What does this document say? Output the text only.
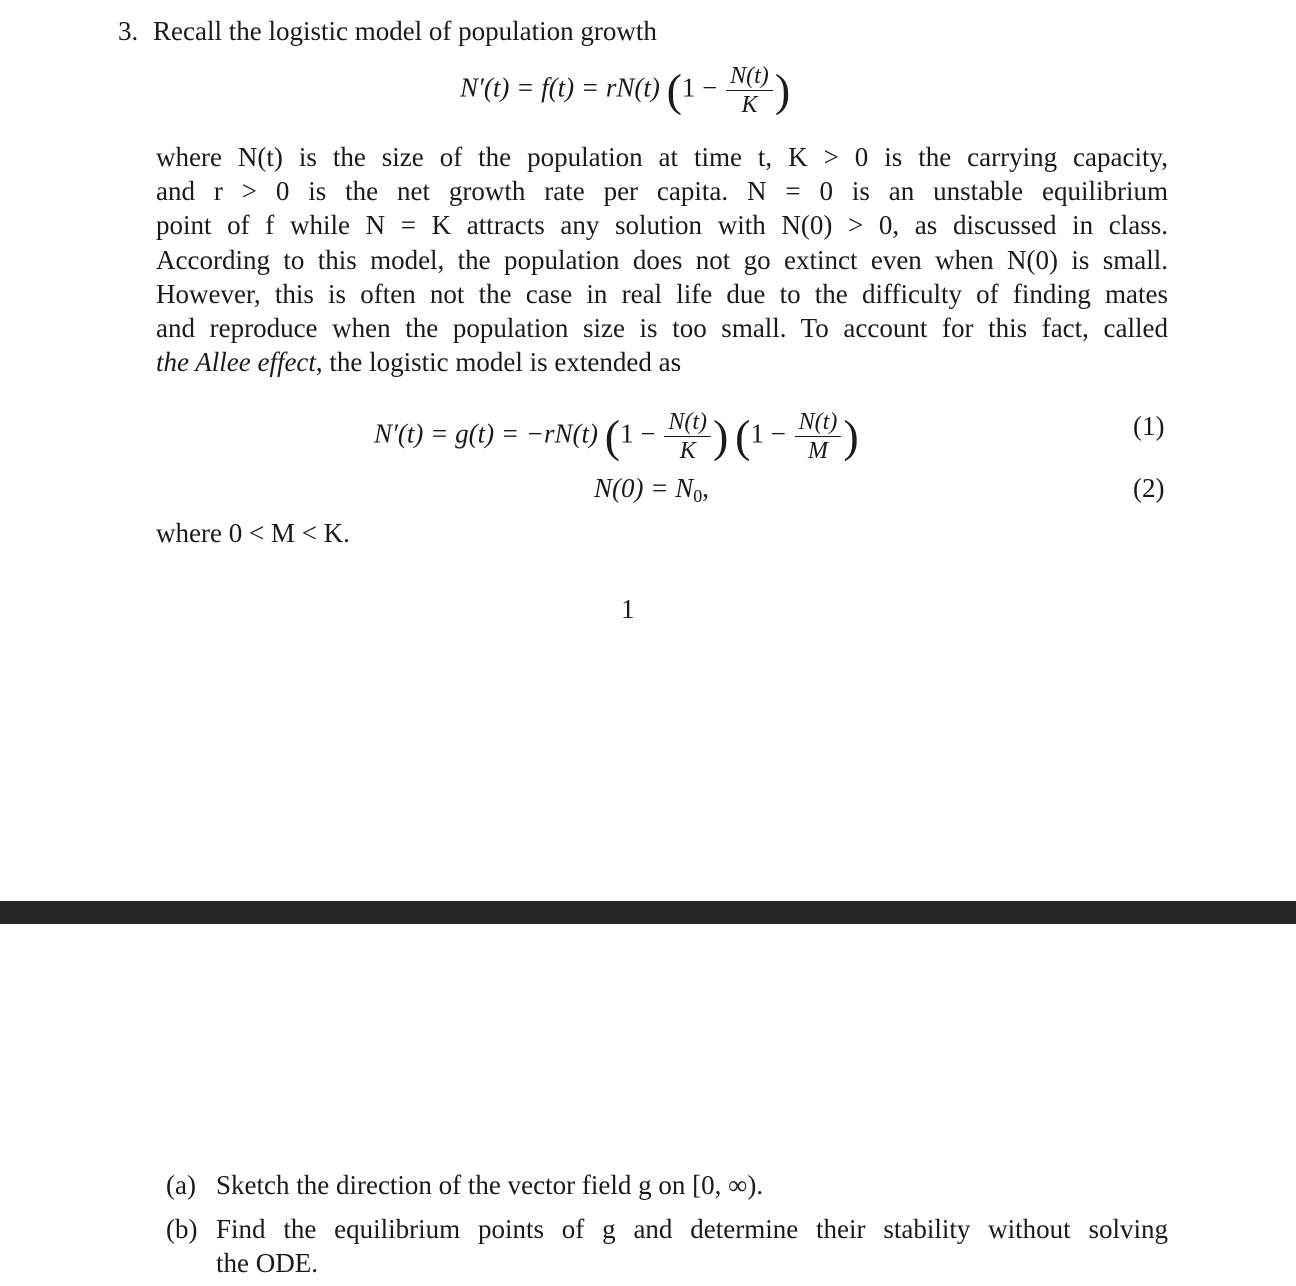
3. Recall the logistic model of population growth
N′(t) = f(t) = rN(t) ($1 - \frac{N(t)}{K}$ )
where N(t) is the size of the population at time t, K > 0 is the carrying capacity,
and r > 0 is the net growth rate per capita. N = 0 is an unstable equilibrium
point of f while N = K attracts any solution with N(0) > 0, as discussed in class.
According to this model, the population does not go extinct even when N(0) is small.
However, this is often not the case in real life due to the difficulty of finding mates
and reproduce when the population size is too small. To account for this fact, called
the Allee effect, the logistic model is extended as
N′(t) = g(t) = −rN(t) ($1 - \frac{N(t)}{K}$ ) ($1 - \frac{N(t)}{M}$ )	(1)
$N(0) = N_0$,	(2)
where 0 < M < K.
1
(a) Sketch the direction of the vector field g on [0, ∞).
(b) Find the equilibrium points of g and determine their stability without solving
the ODE.
